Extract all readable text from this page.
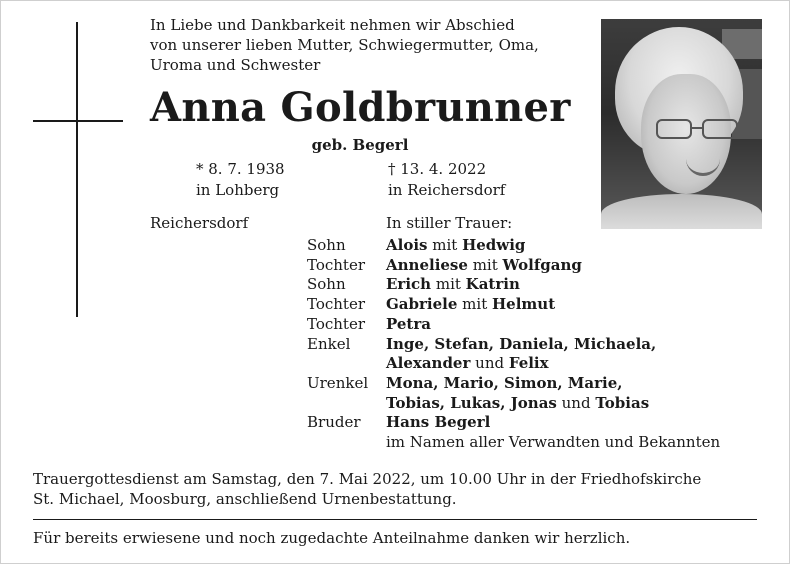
In Liebe und Dankbarkeit nehmen wir Abschied
von unserer lieben Mutter, Schwiegermutter, Oma,
Uroma und Schwester
Anna Goldbrunner
geb. Begerl
* 8. 7. 1938
in Lohberg
† 13. 4. 2022
in Reichersdorf
Reichersdorf	In stiller Trauer:
Sohn	Alois mit Hedwig
Tochter	Anneliese mit Wolfgang
Sohn	Erich mit Katrin
Tochter	Gabriele mit Helmut
Tochter	Petra
Enkel	Inge, Stefan, Daniela, Michaela,
Alexander und Felix
Urenkel	Mona, Mario, Simon, Marie,
Tobias, Lukas, Jonas und Tobias
Bruder	Hans Begerl
im Namen aller Verwandten und Bekannten
Trauergottesdienst am Samstag, den 7. Mai 2022, um 10.00 Uhr in der Friedhofskirche
St. Michael, Moosburg, anschließend Urnenbestattung.
Für bereits erwiesene und noch zugedachte Anteilnahme danken wir herzlich.
